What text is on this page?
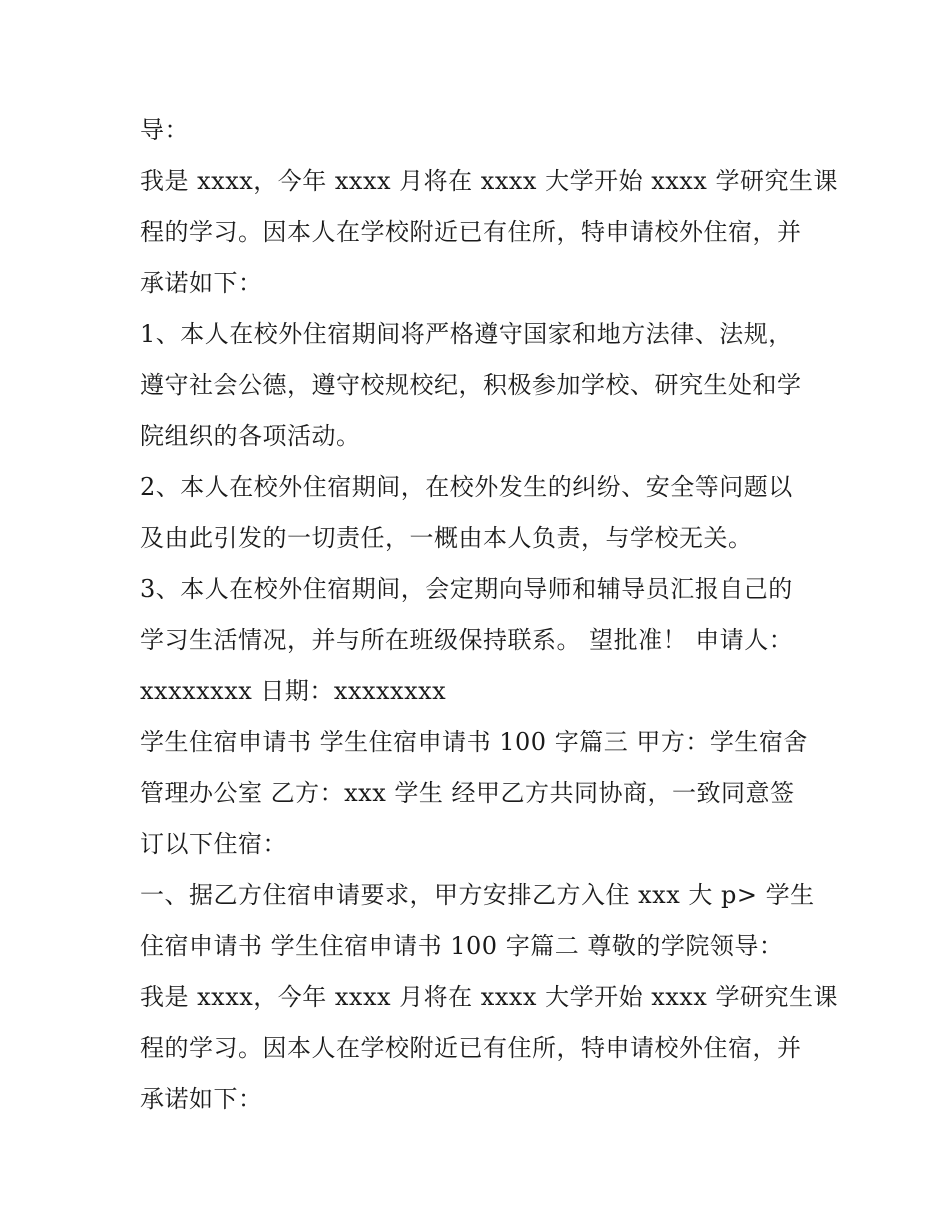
导：
我是 xxxx，今年 xxxx 月将在 xxxx 大学开始 xxxx 学研究生课
程的学习。因本人在学校附近已有住所，特申请校外住宿，并
承诺如下：
1、本人在校外住宿期间将严格遵守国家和地方法律、法规，
遵守社会公德，遵守校规校纪，积极参加学校、研究生处和学
院组织的各项活动。
2、本人在校外住宿期间，在校外发生的纠纷、安全等问题以
及由此引发的一切责任，一概由本人负责，与学校无关。
3、本人在校外住宿期间，会定期向导师和辅导员汇报自己的
学习生活情况，并与所在班级保持联系。 望批准！ 申请人：
xxxxxxxx 日期：xxxxxxxx
学生住宿申请书 学生住宿申请书 100 字篇三 甲方：学生宿舍
管理办公室 乙方：xxx 学生 经甲乙方共同协商，一致同意签
订以下住宿：
一、据乙方住宿申请要求，甲方安排乙方入住 xxx 大 p> 学生
住宿申请书 学生住宿申请书 100 字篇二 尊敬的学院领导：
我是 xxxx，今年 xxxx 月将在 xxxx 大学开始 xxxx 学研究生课
程的学习。因本人在学校附近已有住所，特申请校外住宿，并
承诺如下：
